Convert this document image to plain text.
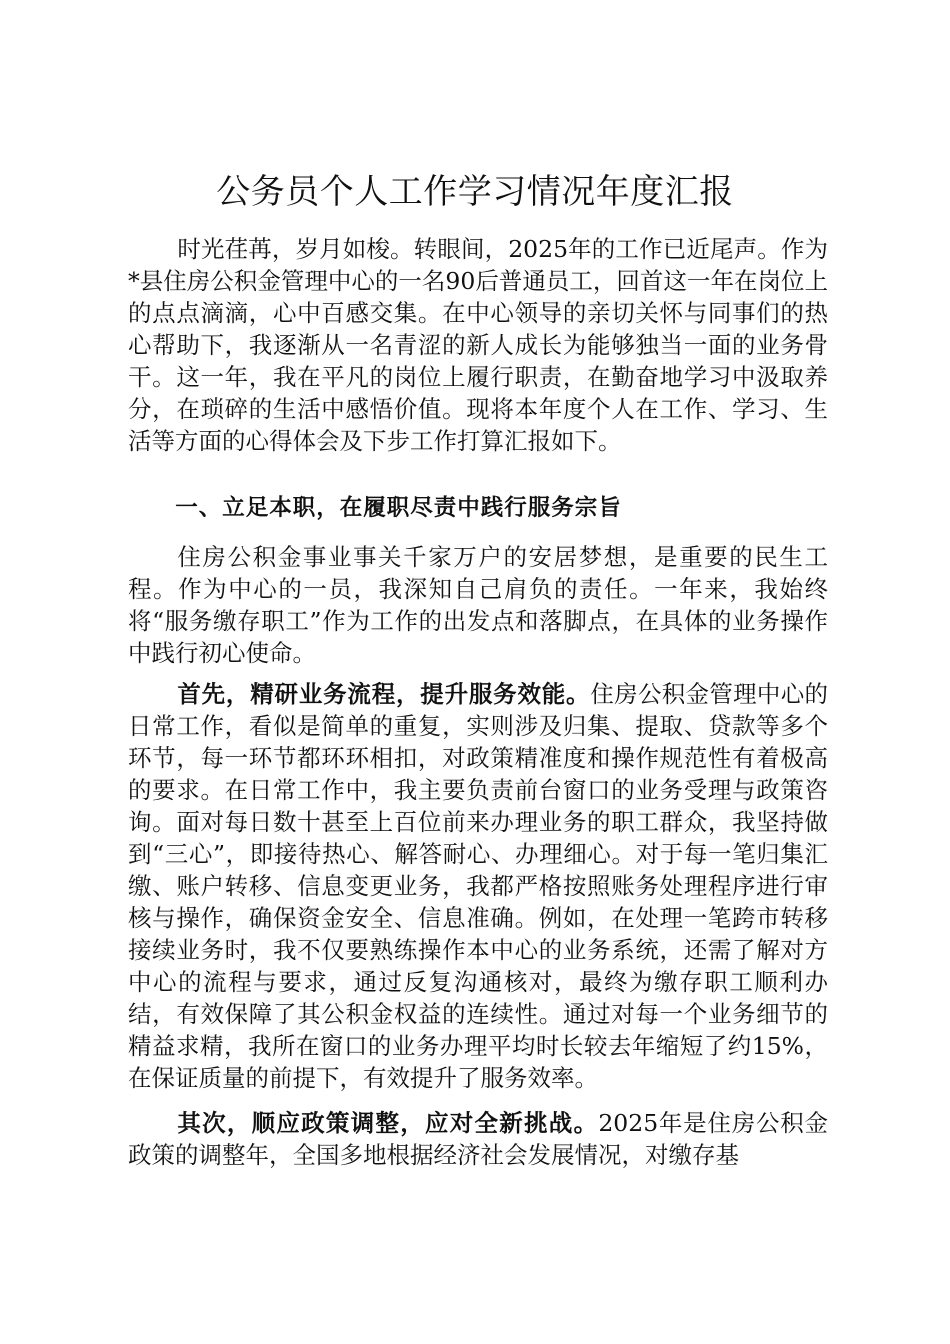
公务员个人工作学习情况年度汇报

时光荏苒，岁月如梭。转眼间，2025年的工作已近尾声。作为*县住房公积金管理中心的一名90后普通员工，回首这一年在岗位上的点点滴滴，心中百感交集。在中心领导的亲切关怀与同事们的热心帮助下，我逐渐从一名青涩的新人成长为能够独当一面的业务骨干。这一年，我在平凡的岗位上履行职责，在勤奋地学习中汲取养分，在琐碎的生活中感悟价值。现将本年度个人在工作、学习、生活等方面的心得体会及下步工作打算汇报如下。

一、立足本职，在履职尽责中践行服务宗旨

住房公积金事业事关千家万户的安居梦想，是重要的民生工程。作为中心的一员，我深知自己肩负的责任。一年来，我始终将“服务缴存职工”作为工作的出发点和落脚点，在具体的业务操作中践行初心使命。

首先，精研业务流程，提升服务效能。住房公积金管理中心的日常工作，看似是简单的重复，实则涉及归集、提取、贷款等多个环节，每一环节都环环相扣，对政策精准度和操作规范性有着极高的要求。在日常工作中，我主要负责前台窗口的业务受理与政策咨询。面对每日数十甚至上百位前来办理业务的职工群众，我坚持做到“三心”，即接待热心、解答耐心、办理细心。对于每一笔归集汇缴、账户转移、信息变更业务，我都严格按照账务处理程序进行审核与操作，确保资金安全、信息准确。例如，在处理一笔跨市转移接续业务时，我不仅要熟练操作本中心的业务系统，还需了解对方中心的流程与要求，通过反复沟通核对，最终为缴存职工顺利办结，有效保障了其公积金权益的连续性。通过对每一个业务细节的精益求精，我所在窗口的业务办理平均时长较去年缩短了约15%，在保证质量的前提下，有效提升了服务效率。

其次，顺应政策调整，应对全新挑战。2025年是住房公积金政策的调整年，全国多地根据经济社会发展情况，对缴存基
